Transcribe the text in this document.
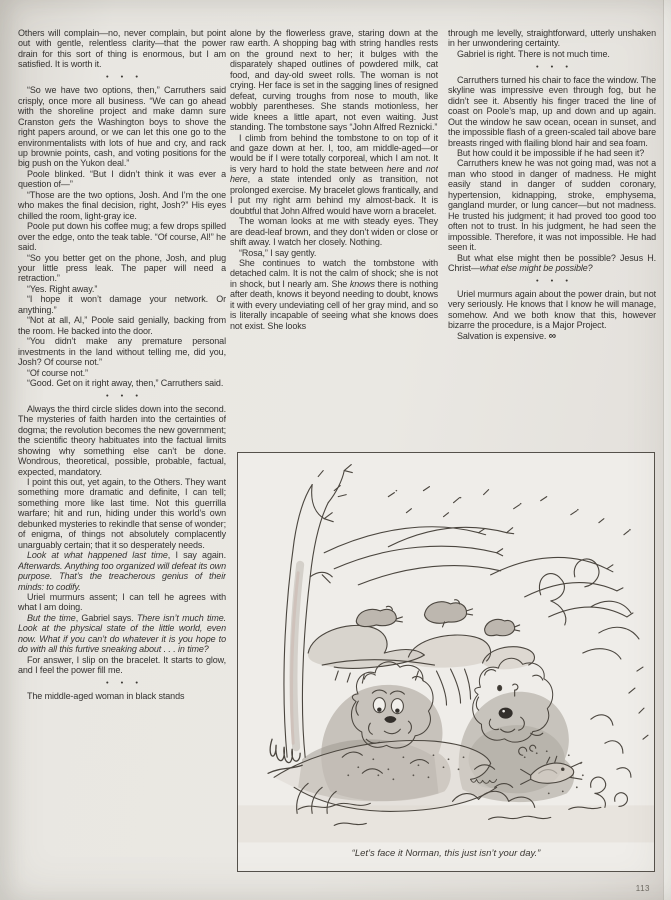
Others will complain—no, never complain, but point out with gentle, relentless clarity—that the power drain for this sort of thing is enormous, but I am satisfied. It is worth it.

• • •

“So we have two options, then,” Carruthers said crisply, once more all business. “We can go ahead with the shoreline project and make damn sure Cranston gets the Washington boys to shove the right papers around, or we can let this one go to the environmentalists with lots of hue and cry, and rack up brownie points, cash, and voting positions for the big push on the Yukon deal.”

Poole blinked. “But I didn’t think it was ever a question of—”

“Those are the two options, Josh. And I’m the one who makes the final decision, right, Josh?” His eyes chilled the room, light-gray ice.

Poole put down his coffee mug; a few drops spilled over the edge, onto the teak table. “Of course, Al!” he said.

“So you better get on the phone, Josh, and plug your little press leak. The paper will need a retraction.”

“Yes. Right away.”

“I hope it won’t damage your network. Or anything.”

“Not at all, Al,” Poole said genially, backing from the room. He backed into the door.

“You didn’t make any premature personal investments in the land without telling me, did you, Josh? Of course not.”

“Of course not.”

“Good. Get on it right away, then,” Carruthers said.

• • •

Always the third circle slides down into the second. The mysteries of faith harden into the certainties of dogma; the revolution becomes the new government; the scientific theory habituates into the factual limits showing why something else can’t be done. Wondrous, theoretical, possible, probable, factual, expected, mandatory.

I point this out, yet again, to the Others. They want something more dramatic and definite, I can tell; something more like last time. Not this guerrilla warfare; hit and run, hiding under this world’s own debunked mysteries to rekindle that sense of wonder; of enigma, of things not absolutely complacently unarguably certain; that it so desperately needs.

Look at what happened last time, I say again. Afterwards. Anything too organized will defeat its own purpose. That’s the treacherous genius of their minds: to codify.

Uriel murmurs assent; I can tell he agrees with what I am doing.

But the time, Gabriel says. There isn’t much time. Look at the physical state of the little world, even now. What if you can’t do whatever it is you hope to do with all this furtive sneaking about . . . in time?

For answer, I slip on the bracelet. It starts to glow, and I feel the power fill me.

• • •

The middle-aged woman in black stands

alone by the flowerless grave, staring down at the raw earth. A shopping bag with string handles rests on the ground next to her; it bulges with the disparately shaped outlines of powdered milk, cat food, and day-old sweet rolls. The woman is not crying. Her face is set in the sagging lines of resigned defeat, curving troughs from nose to mouth, like wobbly parentheses. She stands motionless, her wide knees a little apart, not even waiting. Just standing. The tombstone says “John Alfred Reznicki.”

I climb from behind the tombstone to on top of it and gaze down at her. I, too, am middle-aged—or would be if I were totally corporeal, which I am not. It is very hard to hold the state between here and not here, a state intended only as transition, not prolonged exercise. My bracelet glows frantically, and I put my right arm behind my almost-back. It is doubtful that John Alfred would have worn a bracelet.

The woman looks at me with steady eyes. They are dead-leaf brown, and they don’t widen or close or shift away. I watch her closely. Nothing.

“Rosa,” I say gently.

She continues to watch the tombstone with detached calm. It is not the calm of shock; she is not in shock, but I nearly am. She knows there is nothing after death, knows it beyond needing to doubt, knows it with every undeviating cell of her gray mind, and so is literally incapable of seeing what she knows does not exist. She looks

through me levelly, straightforward, utterly unshaken in her unwondering certainty.

Gabriel is right. There is not much time.

• • •

Carruthers turned his chair to face the window. The skyline was impressive even through fog, but he didn’t see it. Absently his finger traced the line of coast on Poole’s map, up and down and up again. Out the window he saw ocean, ocean in sunset, and the impossible flash of a green-scaled tail above bare breasts ringed with flailing blond hair and sea foam.

But how could it be impossible if he had seen it?

Carruthers knew he was not going mad, was not a man who stood in danger of madness. He might easily stand in danger of sudden coronary, hypertension, kidnapping, stroke, emphysema, gangland murder, or lung cancer—but not madness. He trusted his judgment; it had proved too good too often not to trust. In his judgment, he had seen the impossible. Therefore, it was not impossible. He had seen it.

But what else might then be possible? Jesus H. Christ—what else might be possible?

• • •

Uriel murmurs again about the power drain, but not very seriously. He knows that I know he will manage, somehow. And we both know that this, however bizarre the procedure, is a Major Project.

Salvation is expensive. ∞

“Let’s face it Norman, this just isn’t your day.”
113
